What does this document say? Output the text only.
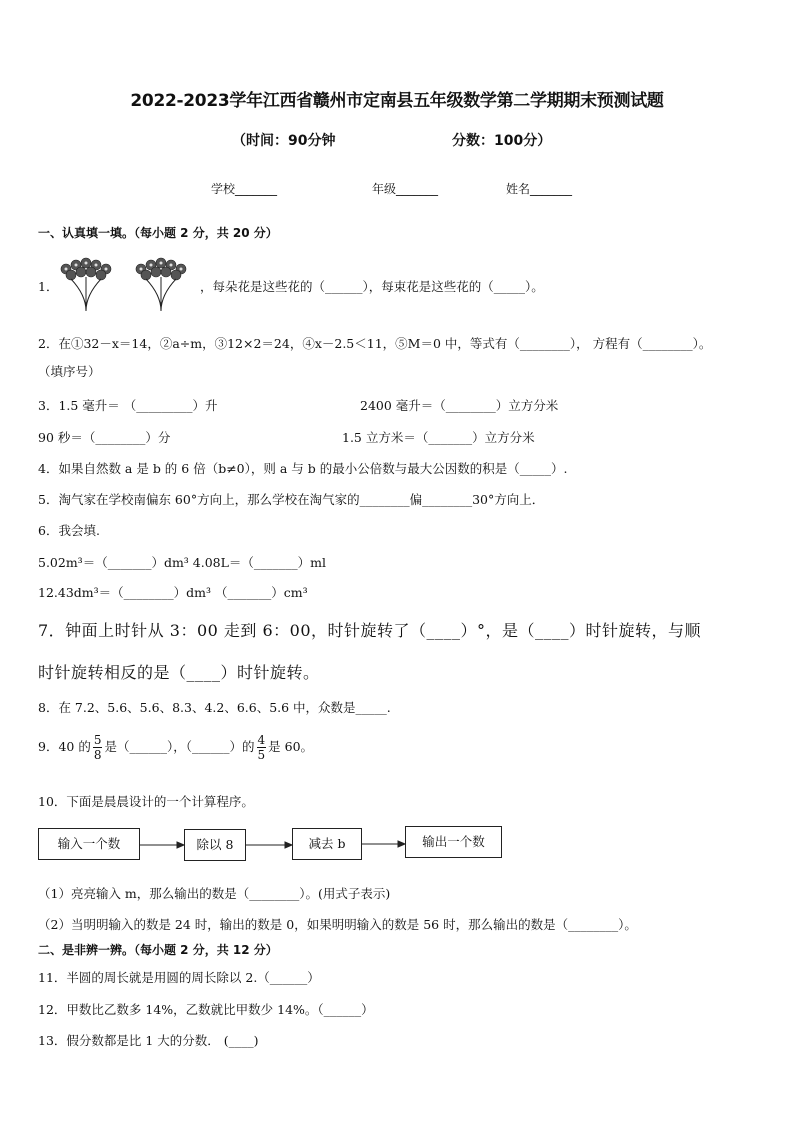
2022-2023学年江西省赣州市定南县五年级数学第二学期期末预测试题
（时间：90分钟	分数：100分）
学校_______	年级_______	姓名_______
一、认真填一填。（每小题 2 分，共 20 分）
1．	，每朵花是这些花的（______），每束花是这些花的（_____）。
2．在①32－x＝14，②a÷m，③12×2＝24，④x－2.5＜11，⑤M＝0 中，等式有（________）， 方程有（________）。
（填序号）
3．1.5 毫升＝ （_________）升	2400 毫升＝（________）立方分米
90 秒＝（________）分	1.5 立方米＝（_______）立方分米
4．如果自然数 a 是 b 的 6 倍（b≠0），则 a 与 b 的最小公倍数与最大公因数的积是（_____）.
5．淘气家在学校南偏东 60°方向上，那么学校在淘气家的________偏________30°方向上．
6．我会填.
5.02m³＝（_______）dm³ 4.08L＝（_______）ml
12.43dm³＝（________）dm³ （_______）cm³
7．钟面上时针从 3：00 走到 6：00，时针旋转了（____）°，是（____）时针旋转，与顺
时针旋转相反的是（____）时针旋转。
8．在 7.2、5.6、5.6、8.3、4.2、6.6、5.6 中，众数是_____.
9．40 的 $\frac{5}{8}$ 是（______），（______）的 $\frac{4}{5}$ 是 60。
10．下面是晨晨设计的一个计算程序。
输入一个数	除以 8	减去 b	输出一个数
（1）亮亮输入 m，那么输出的数是（________）。(用式子表示)
（2）当明明输入的数是 24 时，输出的数是 0，如果明明输入的数是 56 时，那么输出的数是（________）。
二、是非辨一辨。（每小题 2 分，共 12 分）
11．半圆的周长就是用圆的周长除以 2.（______）
12．甲数比乙数多 14%，乙数就比甲数少 14%。（______）
13．假分数都是比 1 大的分数． (____)
